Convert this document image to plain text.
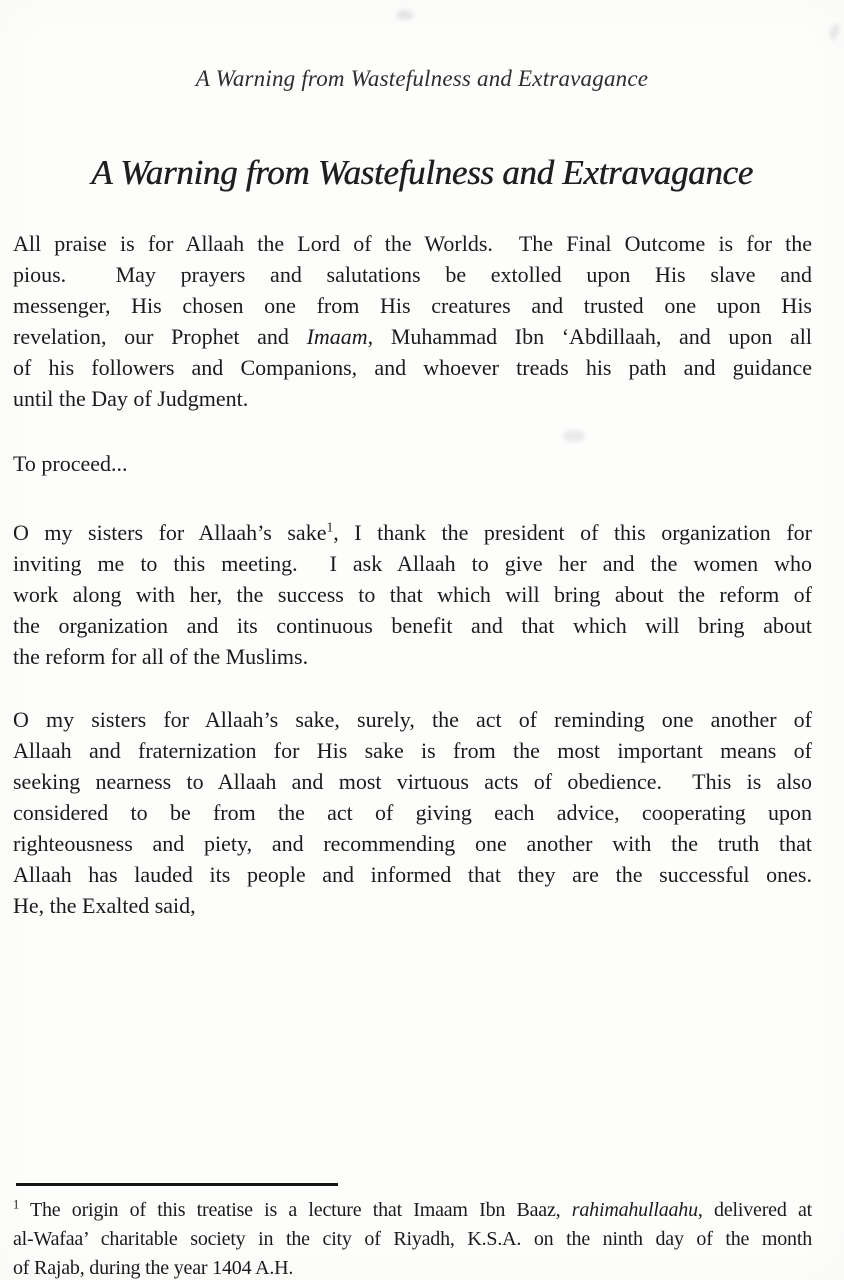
A Warning from Wastefulness and Extravagance
A Warning from Wastefulness and Extravagance
All praise is for Allaah the Lord of the Worlds.  The Final Outcome is for the
pious.  May prayers and salutations be extolled upon His slave and
messenger, His chosen one from His creatures and trusted one upon His
revelation, our Prophet and Imaam, Muhammad Ibn ‘Abdillaah, and upon all
of his followers and Companions, and whoever treads his path and guidance
until the Day of Judgment.
To proceed...
O my sisters for Allaah’s sake$^1$, I thank the president of this organization for
inviting me to this meeting.  I ask Allaah to give her and the women who
work along with her, the success to that which will bring about the reform of
the organization and its continuous benefit and that which will bring about
the reform for all of the Muslims.
O my sisters for Allaah’s sake, surely, the act of reminding one another of
Allaah and fraternization for His sake is from the most important means of
seeking nearness to Allaah and most virtuous acts of obedience.  This is also
considered to be from the act of giving each advice, cooperating upon
righteousness and piety, and recommending one another with the truth that
Allaah has lauded its people and informed that they are the successful ones.
He, the Exalted said,
$^1$ The origin of this treatise is a lecture that Imaam Ibn Baaz, rahimahullaahu, delivered at
al-Wafaa’ charitable society in the city of Riyadh, K.S.A. on the ninth day of the month
of Rajab, during the year 1404 A.H.
